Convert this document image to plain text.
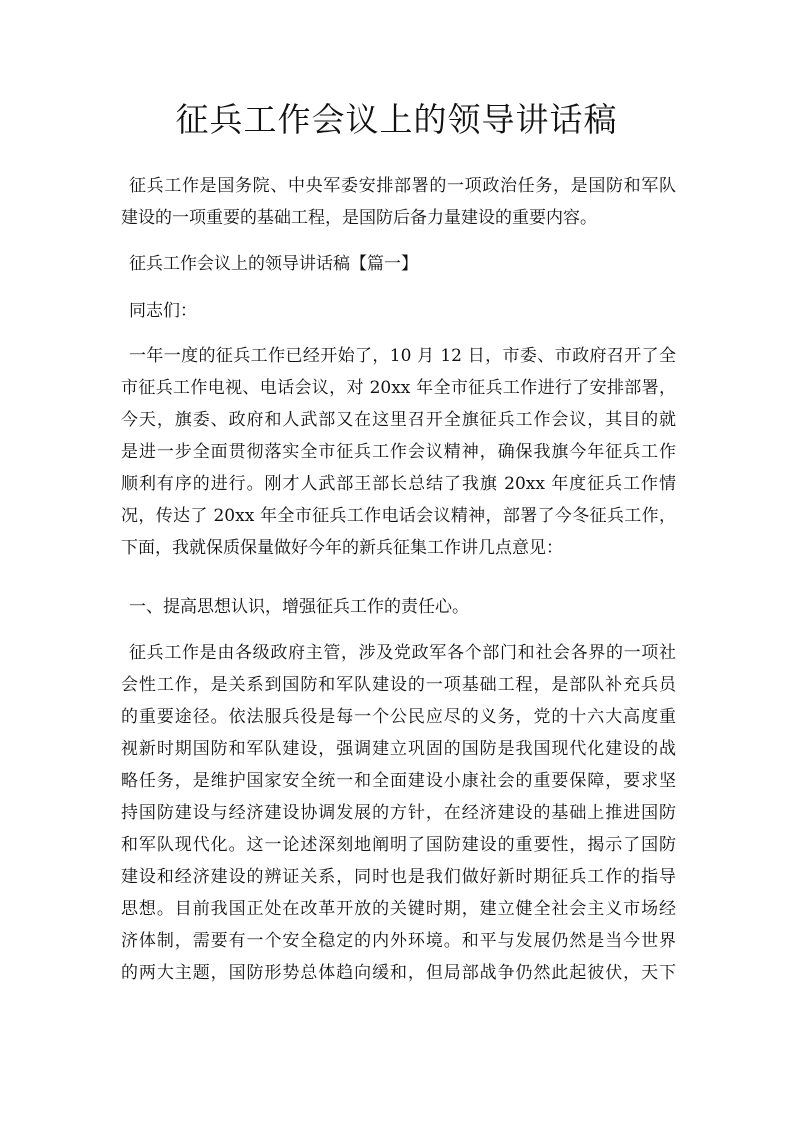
征兵工作会议上的领导讲话稿
征兵工作是国务院、中央军委安排部署的一项政治任务，是国防和军队
建设的一项重要的基础工程，是国防后备力量建设的重要内容。
征兵工作会议上的领导讲话稿【篇一】
同志们：
一年一度的征兵工作已经开始了，10 月 12 日，市委、市政府召开了全
市征兵工作电视、电话会议，对 20xx 年全市征兵工作进行了安排部署，
今天，旗委、政府和人武部又在这里召开全旗征兵工作会议，其目的就
是进一步全面贯彻落实全市征兵工作会议精神，确保我旗今年征兵工作
顺利有序的进行。刚才人武部王部长总结了我旗 20xx 年度征兵工作情
况，传达了 20xx 年全市征兵工作电话会议精神，部署了今冬征兵工作，
下面，我就保质保量做好今年的新兵征集工作讲几点意见：
一、提高思想认识，增强征兵工作的责任心。
征兵工作是由各级政府主管，涉及党政军各个部门和社会各界的一项社
会性工作，是关系到国防和军队建设的一项基础工程，是部队补充兵员
的重要途径。依法服兵役是每一个公民应尽的义务，党的十六大高度重
视新时期国防和军队建设，强调建立巩固的国防是我国现代化建设的战
略任务，是维护国家安全统一和全面建设小康社会的重要保障，要求坚
持国防建设与经济建设协调发展的方针，在经济建设的基础上推进国防
和军队现代化。这一论述深刻地阐明了国防建设的重要性，揭示了国防
建设和经济建设的辨证关系，同时也是我们做好新时期征兵工作的指导
思想。目前我国正处在改革开放的关键时期，建立健全社会主义市场经
济体制，需要有一个安全稳定的内外环境。和平与发展仍然是当今世界
的两大主题，国防形势总体趋向缓和，但局部战争仍然此起彼伏，天下
